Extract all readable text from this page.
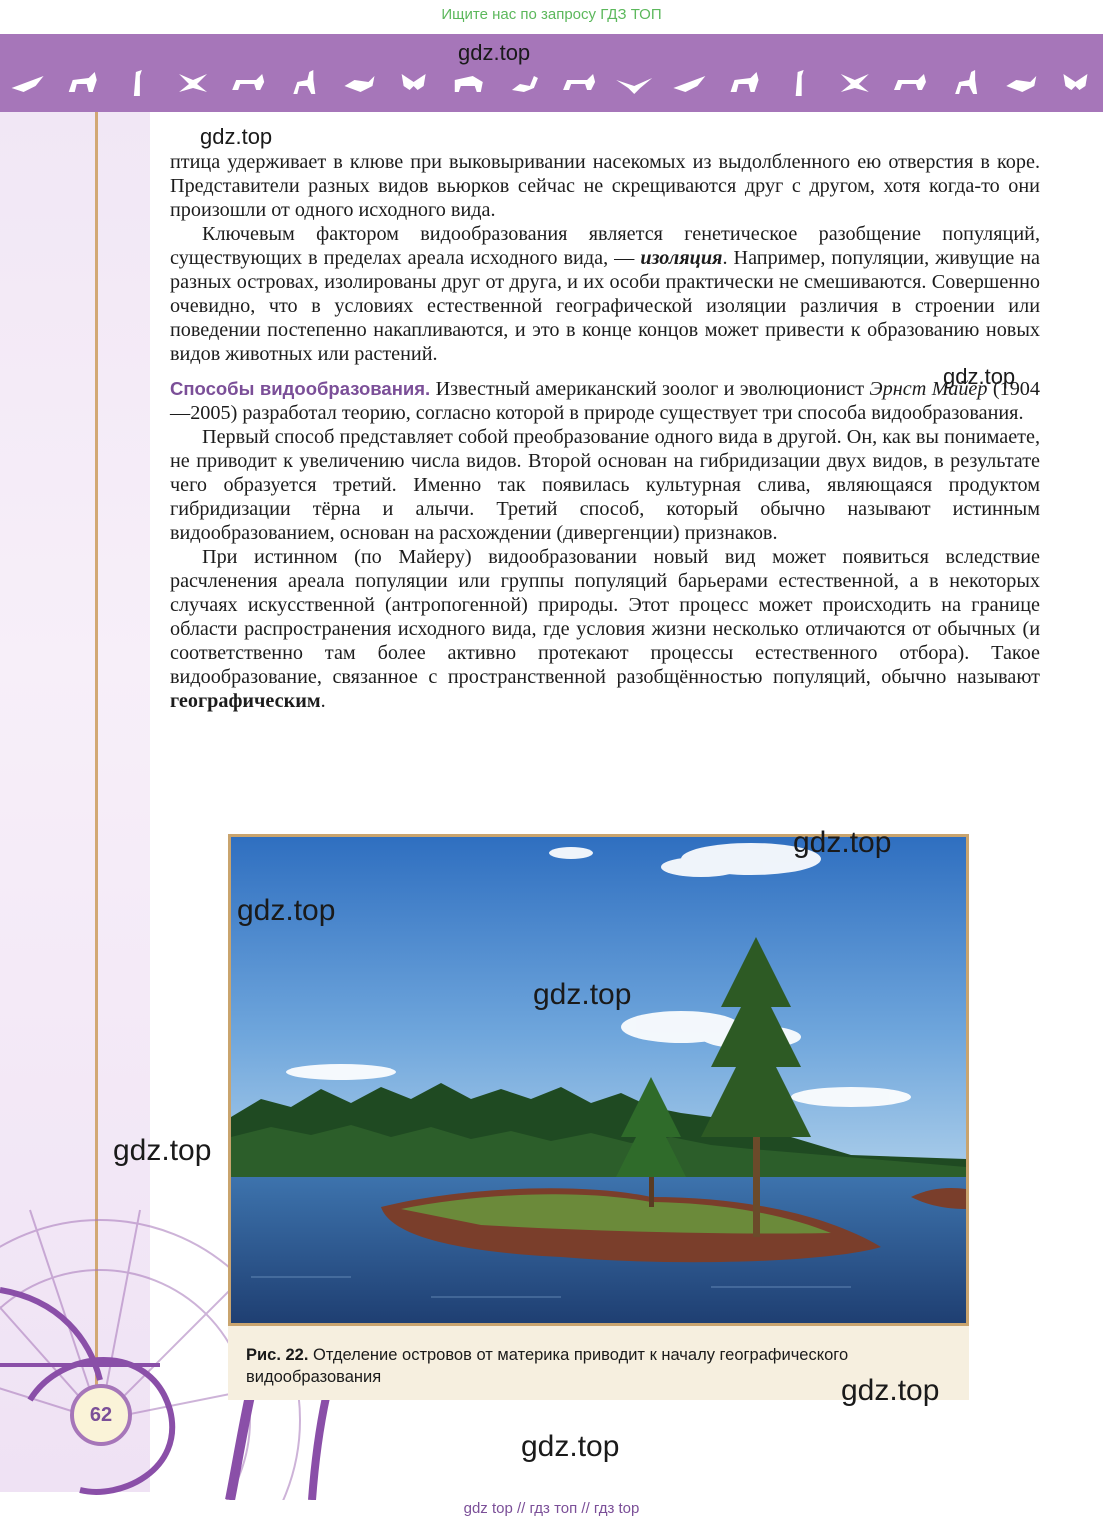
Ищите нас по запросу ГДЗ ТОП
gdz.top
62
gdz.top

птица удерживает в клюве при выковыривании насекомых из выдолбленного ею отверстия в коре. Представители разных видов вьюрков сейчас не скрещиваются друг с другом, хотя когда-то они произошли от одного исходного вида.

Ключевым фактором видообразования является генетическое разобщение популяций, существующих в пределах ареала исходного вида, — изоляция. Например, популяции, живущие на разных островах, изолированы друг от друга, и их особи практически не смешиваются. Совершенно очевидно, что в условиях естественной географической изоляции различия в строении или поведении постепенно накапливаются, и это в конце концов может привести к образованию новых видов животных или растений.

Способы видообразования. Известный американский зоолог и эволюционист Эрнст Майер (1904—2005) разработал теорию, согласно которой в природе существует три способа видообразования.

Первый способ представляет собой преобразование одного вида в другой. Он, как вы понимаете, не приводит к увеличению числа видов. Второй основан на гибридизации двух видов, в результате чего образуется третий. Именно так появилась культурная слива, являющаяся продуктом гибридизации тёрна и алычи. Третий способ, который обычно называют истинным видообразованием, основан на расхождении (дивергенции) признаков.

При истинном (по Майеру) видообразовании новый вид может появиться вследствие расчленения ареала популяции или группы популяций барьерами естественной, а в некоторых случаях искусственной (антропогенной) природы. Этот процесс может происходить на границе области распространения исходного вида, где условия жизни несколько отличаются от обычных (и соответственно там более активно протекают процессы естественного отбора). Такое видообразование, связанное с пространственной разобщённостью популяций, обычно называют географическим.

gdz.top
gdz.top
gdz.top
gdz.top
gdz.top
Рис. 22. Отделение островов от материка приводит к началу географического видообразования	gdz.top
gdz.top
gdz top // гдз топ // гдз top
